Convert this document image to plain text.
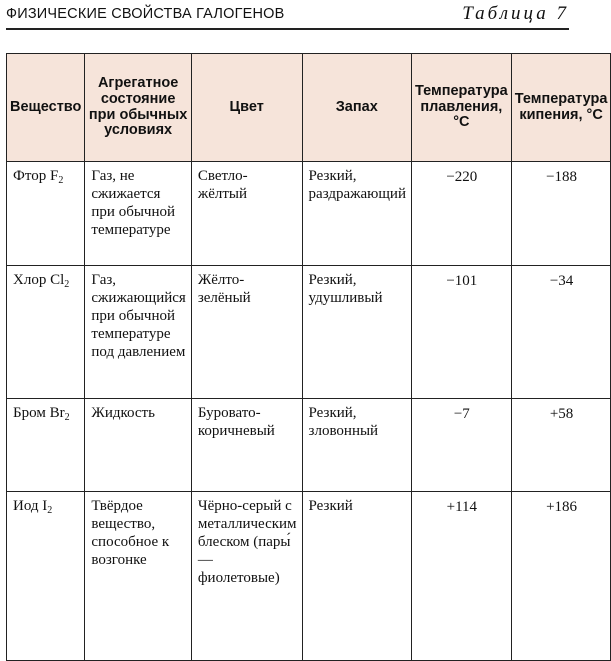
ФИЗИЧЕСКИЕ СВОЙСТВА ГАЛОГЕНОВ	Таблица 7
Вещество	Агрегатное состояние при обычных условиях	Цвет	Запах	Температура плавления, °С	Температура кипения, °С
Фтор $F_2$	Газ, не сжижается при обычной температуре	Светло-жёлтый	Резкий, раздражающий	−220	−188
Хлор $Cl_2$	Газ, сжижающийся при обычной температуре под давлением	Жёлто-зелёный	Резкий, удушливый	−101	−34
Бром $Br_2$	Жидкость	Буровато-коричневый	Резкий, зловонный	−7	+58
Иод $I_2$	Твёрдое вещество, способное к возгонке	Чёрно-серый с металлическим блеском (пары́ — фиолетовые)	Резкий	+114	+186
